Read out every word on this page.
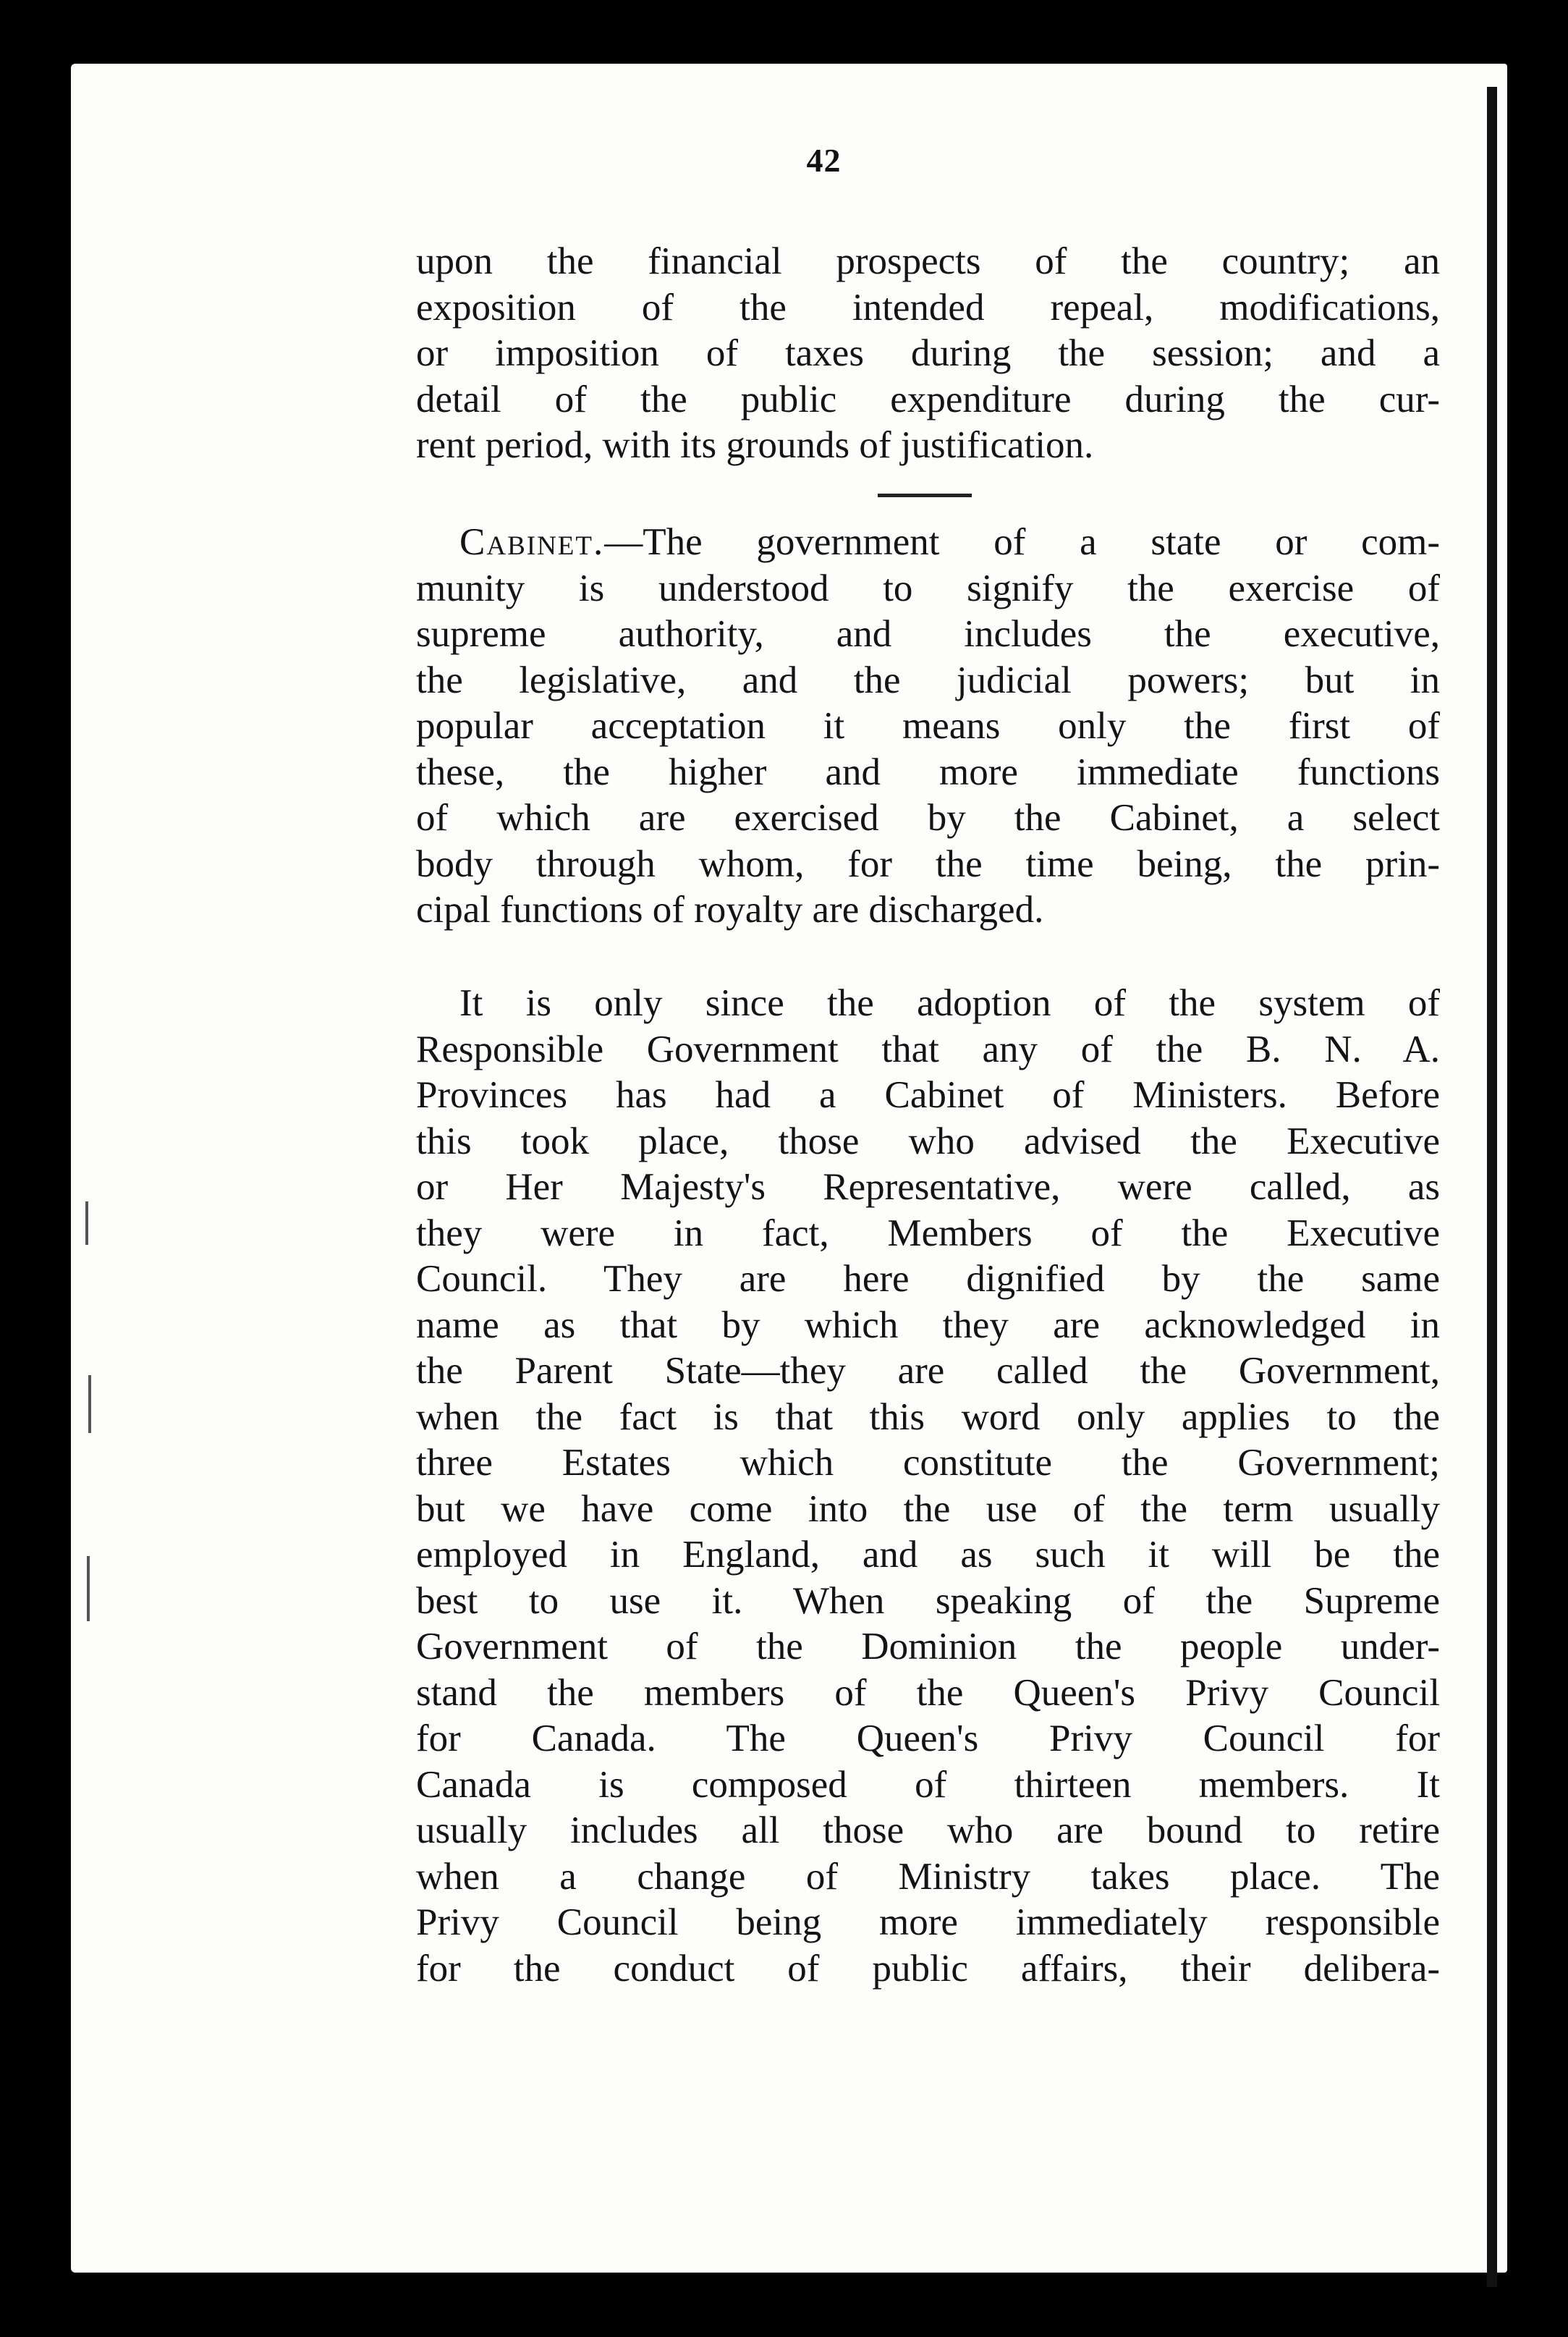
42
upon the financial prospects of the country; an
exposition of the intended repeal, modifications,
or imposition of taxes during the session; and a
detail of the public expenditure during the cur-
rent period, with its grounds of justification.
Cabinet.—The government of a state or com-
munity is understood to signify the exercise of
supreme authority, and includes the executive,
the legislative, and the judicial powers; but in
popular acceptation it means only the first of
these, the higher and more immediate functions
of which are exercised by the Cabinet, a select
body through whom, for the time being, the prin-
cipal functions of royalty are discharged.
It is only since the adoption of the system of
Responsible Government that any of the B. N. A.
Provinces has had a Cabinet of Ministers. Before
this took place, those who advised the Executive
or Her Majesty's Representative, were called, as
they were in fact, Members of the Executive
Council. They are here dignified by the same
name as that by which they are acknowledged in
the Parent State—they are called the Government,
when the fact is that this word only applies to the
three Estates which constitute the Government;
but we have come into the use of the term usually
employed in England, and as such it will be the
best to use it. When speaking of the Supreme
Government of the Dominion the people under-
stand the members of the Queen's Privy Council
for Canada. The Queen's Privy Council for
Canada is composed of thirteen members. It
usually includes all those who are bound to retire
when a change of Ministry takes place. The
Privy Council being more immediately responsible
for the conduct of public affairs, their delibera-
